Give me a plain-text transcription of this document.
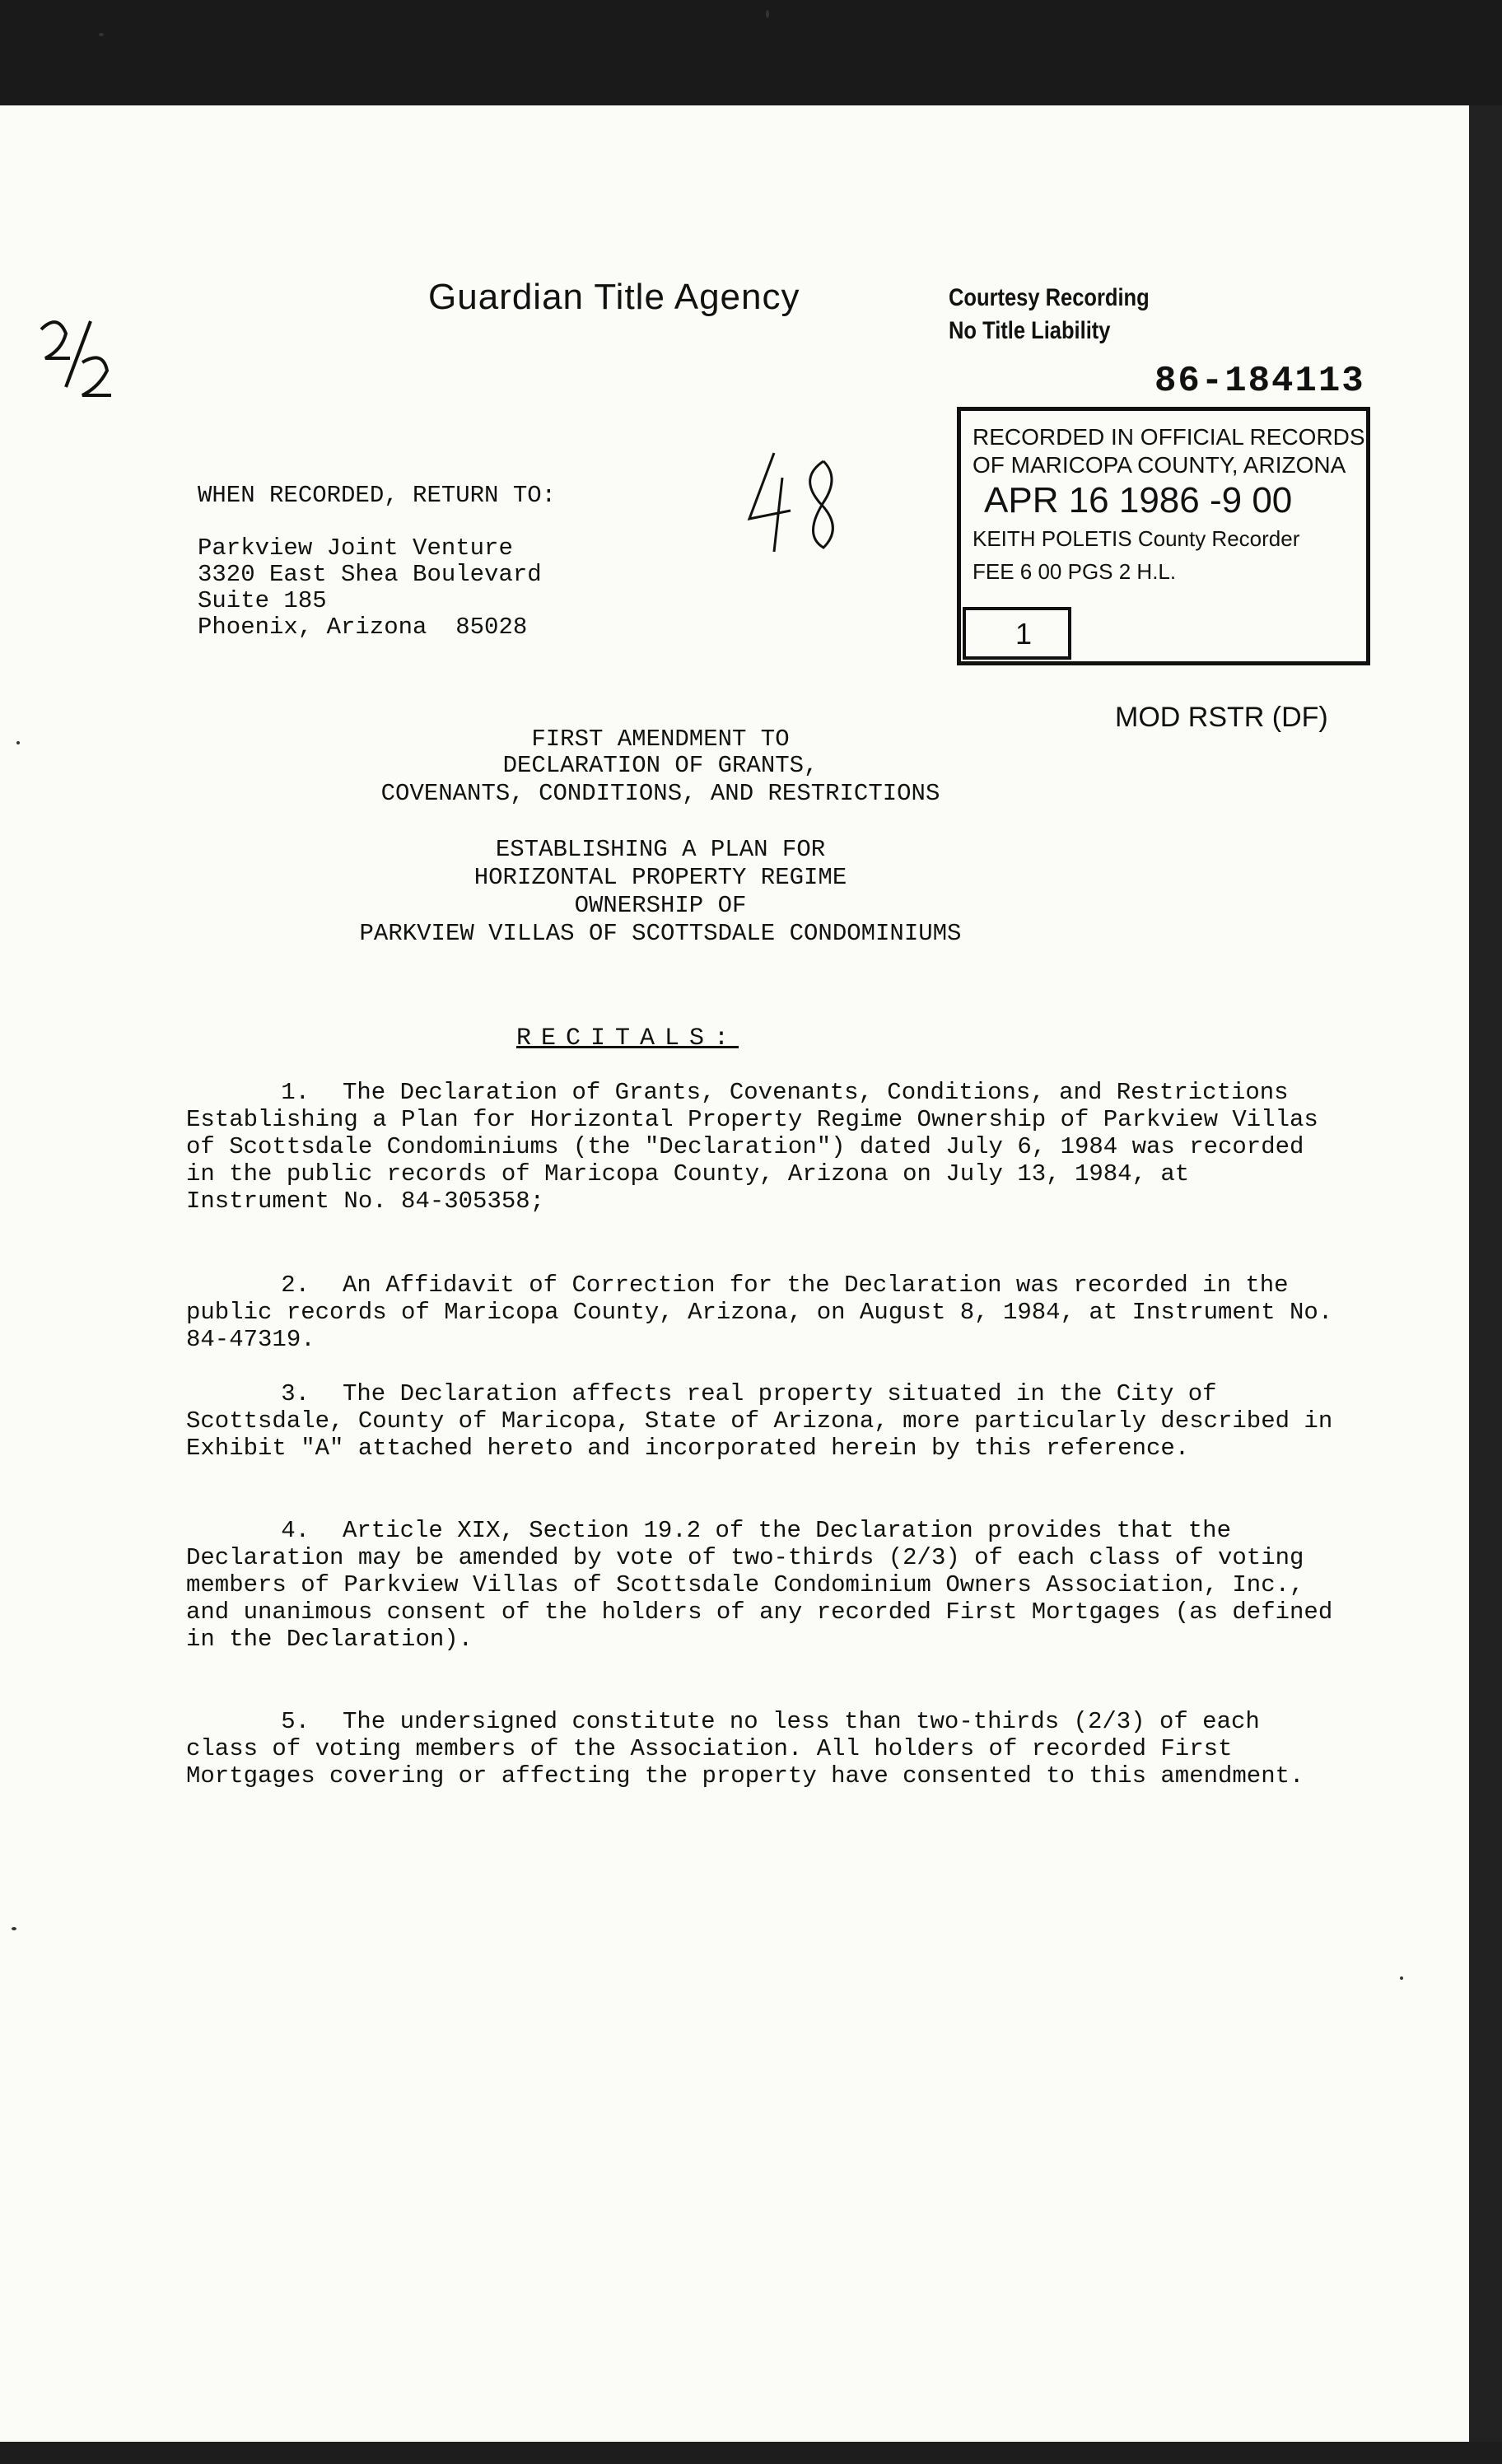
Guardian Title Agency	Courtesy Recording
No Title Liability
86-184113
RECORDED IN OFFICIAL RECORDS
OF MARICOPA COUNTY, ARIZONA
APR 16 1986 -9 00
KEITH POLETIS County Recorder
FEE 6 00 PGS 2 H.L.
1
MOD RSTR (DF)
WHEN RECORDED, RETURN TO:
Parkview Joint Venture
3320 East Shea Boulevard
Suite 185
Phoenix, Arizona  85028
FIRST AMENDMENT TO
DECLARATION OF GRANTS,
COVENANTS, CONDITIONS, AND RESTRICTIONS
ESTABLISHING A PLAN FOR
HORIZONTAL PROPERTY REGIME
OWNERSHIP OF
PARKVIEW VILLAS OF SCOTTSDALE CONDOMINIUMS
RECITALS:
1. The Declaration of Grants, Covenants, Conditions, and Restrictions Establishing a Plan for Horizontal Property Regime Ownership of Parkview Villas of Scottsdale Condominiums (the "Declaration") dated July 6, 1984 was recorded in the public records of Maricopa County, Arizona on July 13, 1984, at Instrument No. 84-305358;
2. An Affidavit of Correction for the Declaration was recorded in the public records of Maricopa County, Arizona, on August 8, 1984, at Instrument No. 84-47319.
3. The Declaration affects real property situated in the City of Scottsdale, County of Maricopa, State of Arizona, more particularly described in Exhibit "A" attached hereto and incorporated herein by this reference.
4. Article XIX, Section 19.2 of the Declaration provides that the Declaration may be amended by vote of two-thirds (2/3) of each class of voting members of Parkview Villas of Scottsdale Condominium Owners Association, Inc., and unanimous consent of the holders of any recorded First Mortgages (as defined in the Declaration).
5. The undersigned constitute no less than two-thirds (2/3) of each class of voting members of the Association. All holders of recorded First Mortgages covering or affecting the property have consented to this amendment.
